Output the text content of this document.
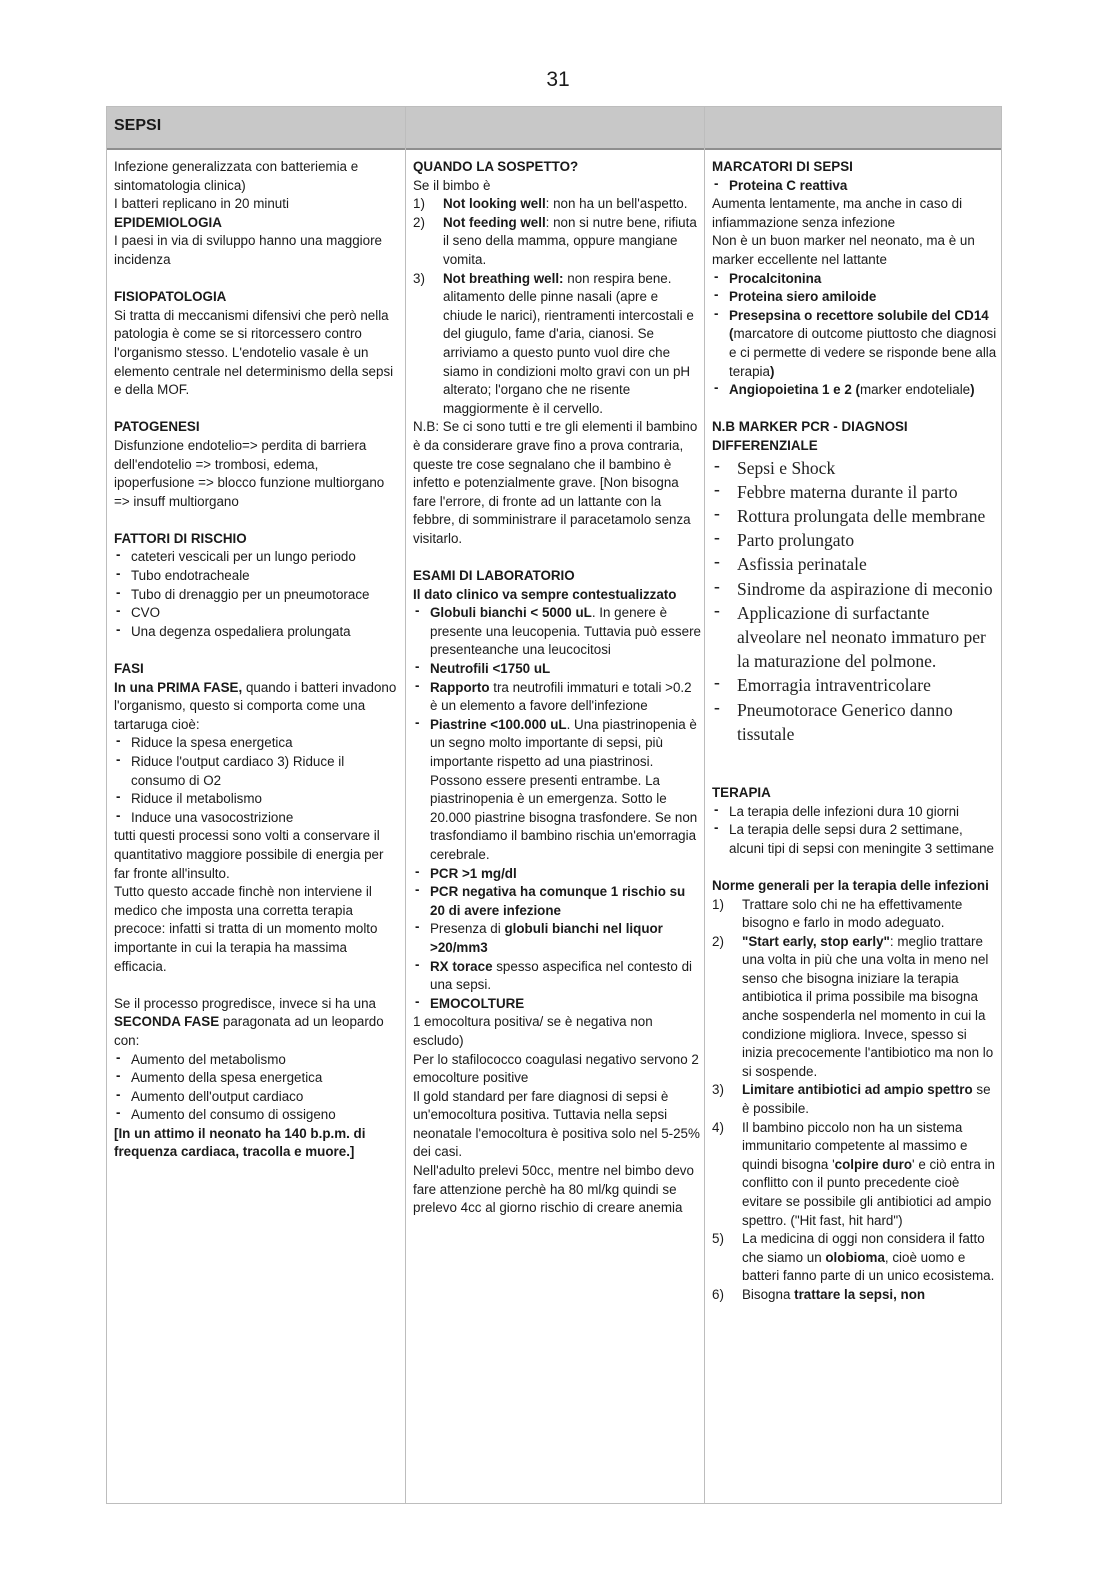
31
SEPSI

Infezione generalizzata con batteriemia e sintomatologia clinica)

I batteri replicano in 20 minuti

EPIDEMIOLOGIA

I paesi in via di sviluppo hanno una maggiore incidenza

FISIOPATOLOGIA

Si tratta di meccanismi difensivi che però nella patologia è come se si ritorcessero contro l'organismo stesso. L'endotelio vasale è un elemento centrale nel determinismo della sepsi e della MOF.

PATOGENESI

Disfunzione endotelio=> perdita di barriera dell'endotelio => trombosi, edema, ipoperfusione => blocco funzione multiorgano => insuff multiorgano

FATTORI DI RISCHIO

- cateteri vescicali per un lungo periodo
- Tubo endotracheale
- Tubo di drenaggio per un pneumotorace
- CVO
- Una degenza ospedaliera prolungata

FASI

In una PRIMA FASE, quando i batteri invadono l'organismo, questo si comporta come una tartaruga cioè:

- Riduce la spesa energetica
- Riduce l'output cardiaco 3) Riduce il consumo di O2
- Riduce il metabolismo
- Induce una vasocostrizione

tutti questi processi sono volti a conservare il quantitativo maggiore possibile di energia per far fronte all'insulto.

Tutto questo accade finchè non interviene il medico che imposta una corretta terapia precoce: infatti si tratta di un momento molto importante in cui la terapia ha massima efficacia.

Se il processo progredisce, invece si ha una SECONDA FASE paragonata ad un leopardo con:

- Aumento del metabolismo
- Aumento della spesa energetica
- Aumento dell'output cardiaco
- Aumento del consumo di ossigeno

[In un attimo il neonato ha 140 b.p.m. di frequenza cardiaca, tracolla e muore.]

QUANDO LA SOSPETTO?

Se il bimbo è

1) Not looking well: non ha un bell'aspetto.
2) Not feeding well: non si nutre bene, rifiuta il seno della mamma, oppure mangiane vomita.
3) Not breathing well: non respira bene. alitamento delle pinne nasali (apre e chiude le narici), rientramenti intercostali e del giugulo, fame d'aria, cianosi. Se arriviamo a questo punto vuol dire che siamo in condizioni molto gravi con un pH alterato; l'organo che ne risente maggiormente è il cervello.

N.B: Se ci sono tutti e tre gli elementi il bambino è da considerare grave fino a prova contraria, queste tre cose segnalano che il bambino è infetto e potenzialmente grave. [Non bisogna fare l'errore, di fronte ad un lattante con la febbre, di somministrare il paracetamolo senza visitarlo.

ESAMI DI LABORATORIO

Il dato clinico va sempre contestualizzato

- Globuli bianchi < 5000 uL. In genere è presente una leucopenia. Tuttavia può essere presenteanche una leucocitosi
- Neutrofili <1750 uL
- Rapporto tra neutrofili immaturi e totali >0.2 è un elemento a favore dell'infezione
- Piastrine <100.000 uL. Una piastrinopenia è un segno molto importante di sepsi, più importante rispetto ad una piastrinosi. Possono essere presenti entrambe. La piastrinopenia è un emergenza. Sotto le 20.000 piastrine bisogna trasfondere. Se non trasfondiamo il bambino rischia un'emorragia cerebrale.
- PCR >1 mg/dl
- PCR negativa ha comunque 1 rischio su 20 di avere infezione
- Presenza di globuli bianchi nel liquor >20/mm3
- RX torace spesso aspecifica nel contesto di una sepsi.
- EMOCOLTURE

1 emocoltura positiva/ se è negativa non escludo)

Per lo stafilococco coagulasi negativo servono 2 emocolture positive

Il gold standard per fare diagnosi di sepsi è un'emocoltura positiva. Tuttavia nella sepsi neonatale l'emocoltura è positiva solo nel 5-25% dei casi.

Nell'adulto prelevi 50cc, mentre nel bimbo devo fare attenzione perchè ha 80 ml/kg quindi se prelevo 4cc al giorno rischio di creare anemia

MARCATORI DI SEPSI

- Proteina C reattiva

Aumenta lentamente, ma anche in caso di infiammazione senza infezione

Non è un buon marker nel neonato, ma è un marker eccellente nel lattante

- Procalcitonina
- Proteina siero amiloide
- Presepsina o recettore solubile del CD14 (marcatore di outcome piuttosto che diagnosi e ci permette di vedere se risponde bene alla terapia)
- Angiopoietina 1 e 2 (marker endoteliale)

N.B MARKER PCR - DIAGNOSI DIFFERENZIALE

- Sepsi e Shock
- Febbre materna durante il parto
- Rottura prolungata delle membrane
- Parto prolungato
- Asfissia perinatale
- Sindrome da aspirazione di meconio
- Applicazione di surfactante alveolare nel neonato immaturo per la maturazione del polmone.
- Emorragia intraventricolare
- Pneumotorace Generico danno tissutale

TERAPIA

- La terapia delle infezioni dura 10 giorni
- La terapia delle sepsi dura 2 settimane, alcuni tipi di sepsi con meningite 3 settimane

Norme generali per la terapia delle infezioni

1) Trattare solo chi ne ha effettivamente bisogno e farlo in modo adeguato.
2) "Start early, stop early": meglio trattare una volta in più che una volta in meno nel senso che bisogna iniziare la terapia antibiotica il prima possibile ma bisogna anche sospenderla nel momento in cui la condizione migliora. Invece, spesso si inizia precocemente l'antibiotico ma non lo si sospende.
3) Limitare antibiotici ad ampio spettro se è possibile.
4) Il bambino piccolo non ha un sistema immunitario competente al massimo e quindi bisogna 'colpire duro' e ciò entra in conflitto con il punto precedente cioè evitare se possibile gli antibiotici ad ampio spettro. ("Hit fast, hit hard")
5) La medicina di oggi non considera il fatto che siamo un olobioma, cioè uomo e batteri fanno parte di un unico ecosistema.
6) Bisogna trattare la sepsi, non
